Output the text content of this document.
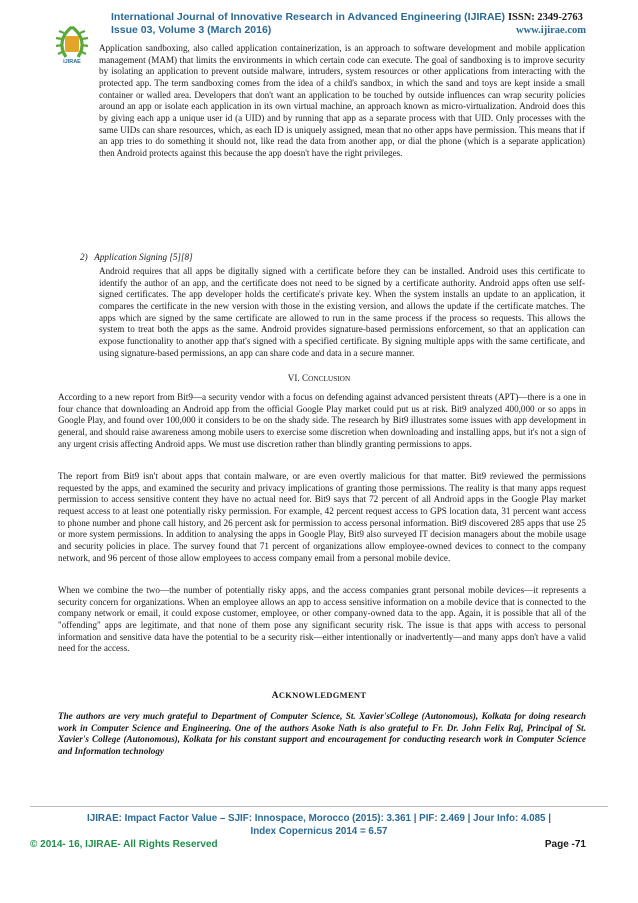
IJIRAE
International Journal of Innovative Research in Advanced Engineering (IJIRAE) ISSN: 2349-2763
Issue 03, Volume 3 (March 2016)	www.ijirae.com

Application sandboxing, also called application containerization, is an approach to software development and mobile application management (MAM) that limits the environments in which certain code can execute. The goal of sandboxing is to improve security by isolating an application to prevent outside malware, intruders, system resources or other applications from interacting with the protected app. The term sandboxing comes from the idea of a child's sandbox, in which the sand and toys are kept inside a small container or walled area. Developers that don't want an application to be touched by outside influences can wrap security policies around an app or isolate each application in its own virtual machine, an approach known as micro-virtualization. Android does this by giving each app a unique user id (a UID) and by running that app as a separate process with that UID. Only processes with the same UIDs can share resources, which, as each ID is uniquely assigned, mean that no other apps have permission. This means that if an app tries to do something it should not, like read the data from another app, or dial the phone (which is a separate application) then Android protects against this because the app doesn't have the right privileges.

2) Application Signing [5][8]

Android requires that all apps be digitally signed with a certificate before they can be installed. Android uses this certificate to identify the author of an app, and the certificate does not need to be signed by a certificate authority. Android apps often use self-signed certificates. The app developer holds the certificate's private key. When the system installs an update to an application, it compares the certificate in the new version with those in the existing version, and allows the update if the certificate matches. The apps which are signed by the same certificate are allowed to run in the same process if the process so requests. This allows the system to treat both the apps as the same. Android provides signature-based permissions enforcement, so that an application can expose functionality to another app that's signed with a specified certificate. By signing multiple apps with the same certificate, and using signature-based permissions, an app can share code and data in a secure manner.

VI. CONCLUSION

According to a new report from Bit9—a security vendor with a focus on defending against advanced persistent threats (APT)—there is a one in four chance that downloading an Android app from the official Google Play market could put us at risk. Bit9 analyzed 400,000 or so apps in Google Play, and found over 100,000 it considers to be on the shady side. The research by Bit9 illustrates some issues with app development in general, and should raise awareness among mobile users to exercise some discretion when downloading and installing apps, but it's not a sign of any urgent crisis affecting Android apps. We must use discretion rather than blindly granting permissions to apps.

The report from Bit9 isn't about apps that contain malware, or are even overtly malicious for that matter. Bit9 reviewed the permissions requested by the apps, and examined the security and privacy implications of granting those permissions. The reality is that many apps request permission to access sensitive content they have no actual need for. Bit9 says that 72 percent of all Android apps in the Google Play market request access to at least one potentially risky permission. For example, 42 percent request access to GPS location data, 31 percent want access to phone number and phone call history, and 26 percent ask for permission to access personal information. Bit9 discovered 285 apps that use 25 or more system permissions. In addition to analysing the apps in Google Play, Bit9 also surveyed IT decision managers about the mobile usage and security policies in place. The survey found that 71 percent of organizations allow employee-owned devices to connect to the company network, and 96 percent of those allow employees to access company email from a personal mobile device.

When we combine the two—the number of potentially risky apps, and the access companies grant personal mobile devices—it represents a security concern for organizations. When an employee allows an app to access sensitive information on a mobile device that is connected to the company network or email, it could expose customer, employee, or other company-owned data to the app. Again, it is possible that all of the "offending" apps are legitimate, and that none of them pose any significant security risk. The issue is that apps with access to personal information and sensitive data have the potential to be a security risk—either intentionally or inadvertently—and many apps don't have a valid need for the access.

ACKNOWLEDGMENT

The authors are very much grateful to Department of Computer Science, St. Xavier'sCollege (Autonomous), Kolkata for doing research work in Computer Science and Engineering. One of the authors Asoke Nath is also grateful to Fr. Dr. John Felix Raj, Principal of St. Xavier's College (Autonomous), Kolkata for his constant support and encouragement for conducting research work in Computer Science and Information technology

IJIRAE: Impact Factor Value – SJIF: Innospace, Morocco (2015): 3.361 | PIF: 2.469 | Jour Info: 4.085 |
Index Copernicus 2014 = 6.57
© 2014- 16, IJIRAE- All Rights Reserved	Page -71
